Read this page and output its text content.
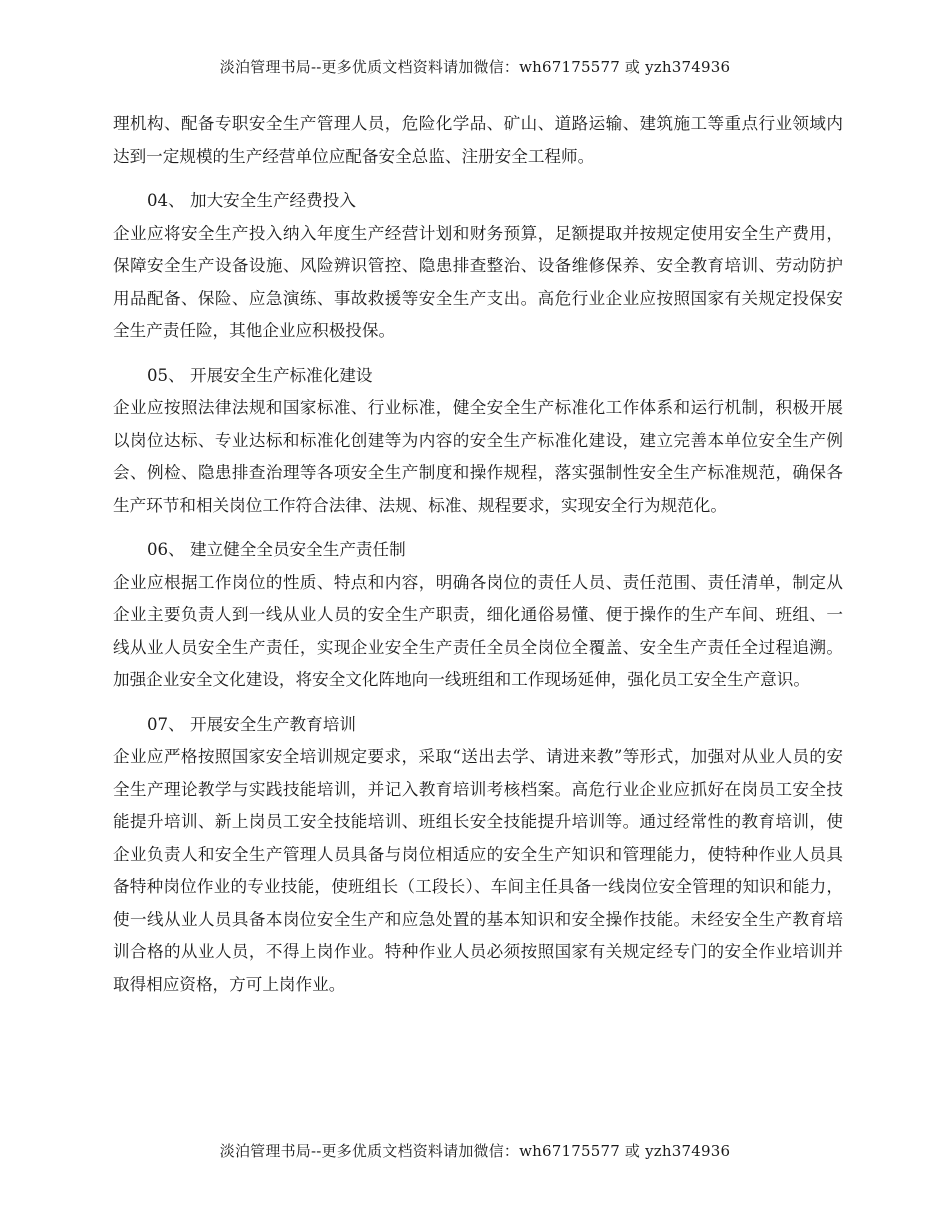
淡泊管理书局--更多优质文档资料请加微信：wh67175577 或 yzh374936

理机构、配备专职安全生产管理人员，危险化学品、矿山、道路运输、建筑施工等重点行业领域内达到一定规模的生产经营单位应配备安全总监、注册安全工程师。

04、 加大安全生产经费投入

企业应将安全生产投入纳入年度生产经营计划和财务预算，足额提取并按规定使用安全生产费用，保障安全生产设备设施、风险辨识管控、隐患排查整治、设备维修保养、安全教育培训、劳动防护用品配备、保险、应急演练、事故救援等安全生产支出。高危行业企业应按照国家有关规定投保安全生产责任险，其他企业应积极投保。

05、 开展安全生产标准化建设

企业应按照法律法规和国家标准、行业标准，健全安全生产标准化工作体系和运行机制，积极开展以岗位达标、专业达标和标准化创建等为内容的安全生产标准化建设，建立完善本单位安全生产例会、例检、隐患排查治理等各项安全生产制度和操作规程，落实强制性安全生产标准规范，确保各生产环节和相关岗位工作符合法律、法规、标准、规程要求，实现安全行为规范化。

06、 建立健全全员安全生产责任制

企业应根据工作岗位的性质、特点和内容，明确各岗位的责任人员、责任范围、责任清单，制定从企业主要负责人到一线从业人员的安全生产职责，细化通俗易懂、便于操作的生产车间、班组、一线从业人员安全生产责任，实现企业安全生产责任全员全岗位全覆盖、安全生产责任全过程追溯。加强企业安全文化建设，将安全文化阵地向一线班组和工作现场延伸，强化员工安全生产意识。

07、 开展安全生产教育培训

企业应严格按照国家安全培训规定要求，采取“送出去学、请进来教”等形式，加强对从业人员的安全生产理论教学与实践技能培训，并记入教育培训考核档案。高危行业企业应抓好在岗员工安全技能提升培训、新上岗员工安全技能培训、班组长安全技能提升培训等。通过经常性的教育培训，使企业负责人和安全生产管理人员具备与岗位相适应的安全生产知识和管理能力，使特种作业人员具备特种岗位作业的专业技能，使班组长（工段长）、车间主任具备一线岗位安全管理的知识和能力，使一线从业人员具备本岗位安全生产和应急处置的基本知识和安全操作技能。未经安全生产教育培训合格的从业人员，不得上岗作业。特种作业人员必须按照国家有关规定经专门的安全作业培训并取得相应资格，方可上岗作业。

淡泊管理书局--更多优质文档资料请加微信：wh67175577 或 yzh374936
